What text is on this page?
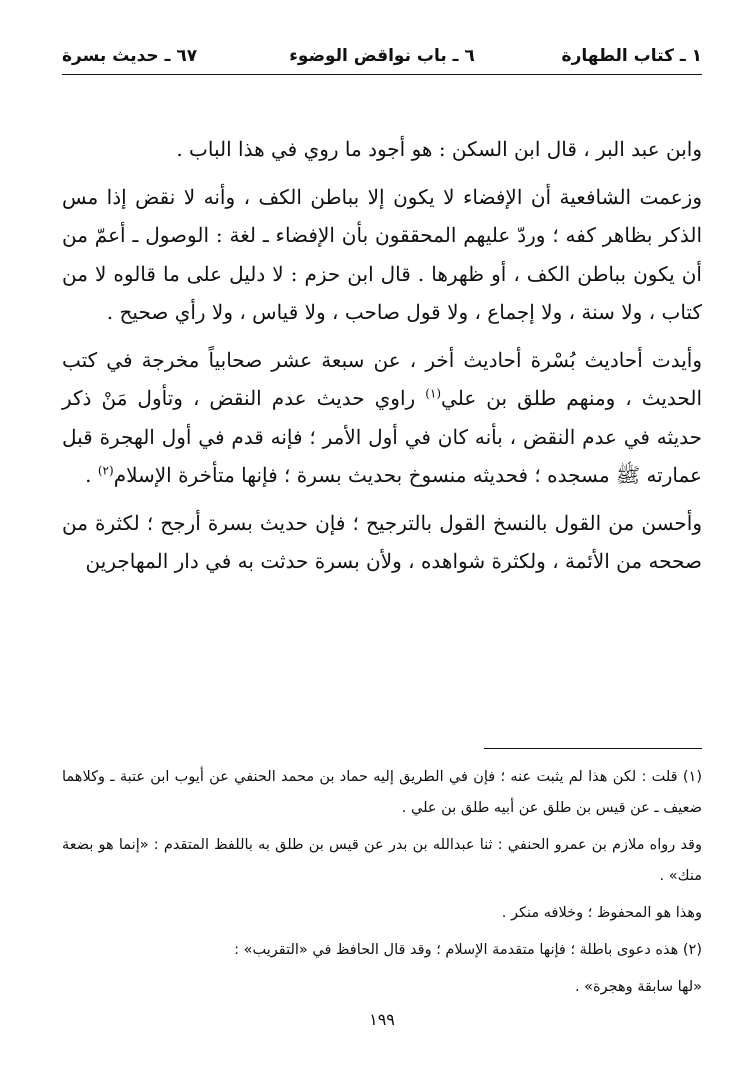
١ ـ كتاب الطهارة
٦ ـ باب نواقض الوضوء
٦٧ ـ حديث بسرة

وابن عبد البر ، قال ابن السكن : هو أجود ما روي في هذا الباب .

وزعمت الشافعية أن الإفضاء لا يكون إلا بباطن الكف ، وأنه لا نقض إذا مس الذكر بظاهر كفه ؛ وردّ عليهم المحققون بأن الإفضاء ـ لغة : الوصول ـ أعمّ من أن يكون بباطن الكف ، أو ظهرها . قال ابن حزم : لا دليل على ما قالوه لا من كتاب ، ولا سنة ، ولا إجماع ، ولا قول صاحب ، ولا قياس ، ولا رأي صحيح .

وأيدت أحاديث بُسْرة أحاديث أخر ، عن سبعة عشر صحابياً مخرجة في كتب الحديث ، ومنهم طلق بن علي$^{(١)}$ راوي حديث عدم النقض ، وتأول مَنْ ذكر حديثه في عدم النقض ، بأنه كان في أول الأمر ؛ فإنه قدم في أول الهجرة قبل عمارته ﷺ مسجده ؛ فحديثه منسوخ بحديث بسرة ؛ فإنها متأخرة الإسلام$^{(٢)}$ .

وأحسن من القول بالنسخ القول بالترجيح ؛ فإن حديث بسرة أرجح ؛ لكثرة من صححه من الأئمة ، ولكثرة شواهده ، ولأن بسرة حدثت به في دار المهاجرين

(١) قلت : لكن هذا لم يثبت عنه ؛ فإن في الطريق إليه حماد بن محمد الحنفي عن أيوب ابن عتبة ـ وكلاهما ضعيف ـ عن قيس بن طلق عن أبيه طلق بن علي .

وقد رواه ملازم بن عمرو الحنفي : ثنا عبدالله بن بدر عن قيس بن طلق به باللفظ المتقدم : «إنما هو بضعة منك» .

وهذا هو المحفوظ ؛ وخلافه منكر .

(٢) هذه دعوى باطلة ؛ فإنها متقدمة الإسلام ؛ وقد قال الحافظ في «التقريب» :

«لها سابقة وهجرة» .

١٩٩
